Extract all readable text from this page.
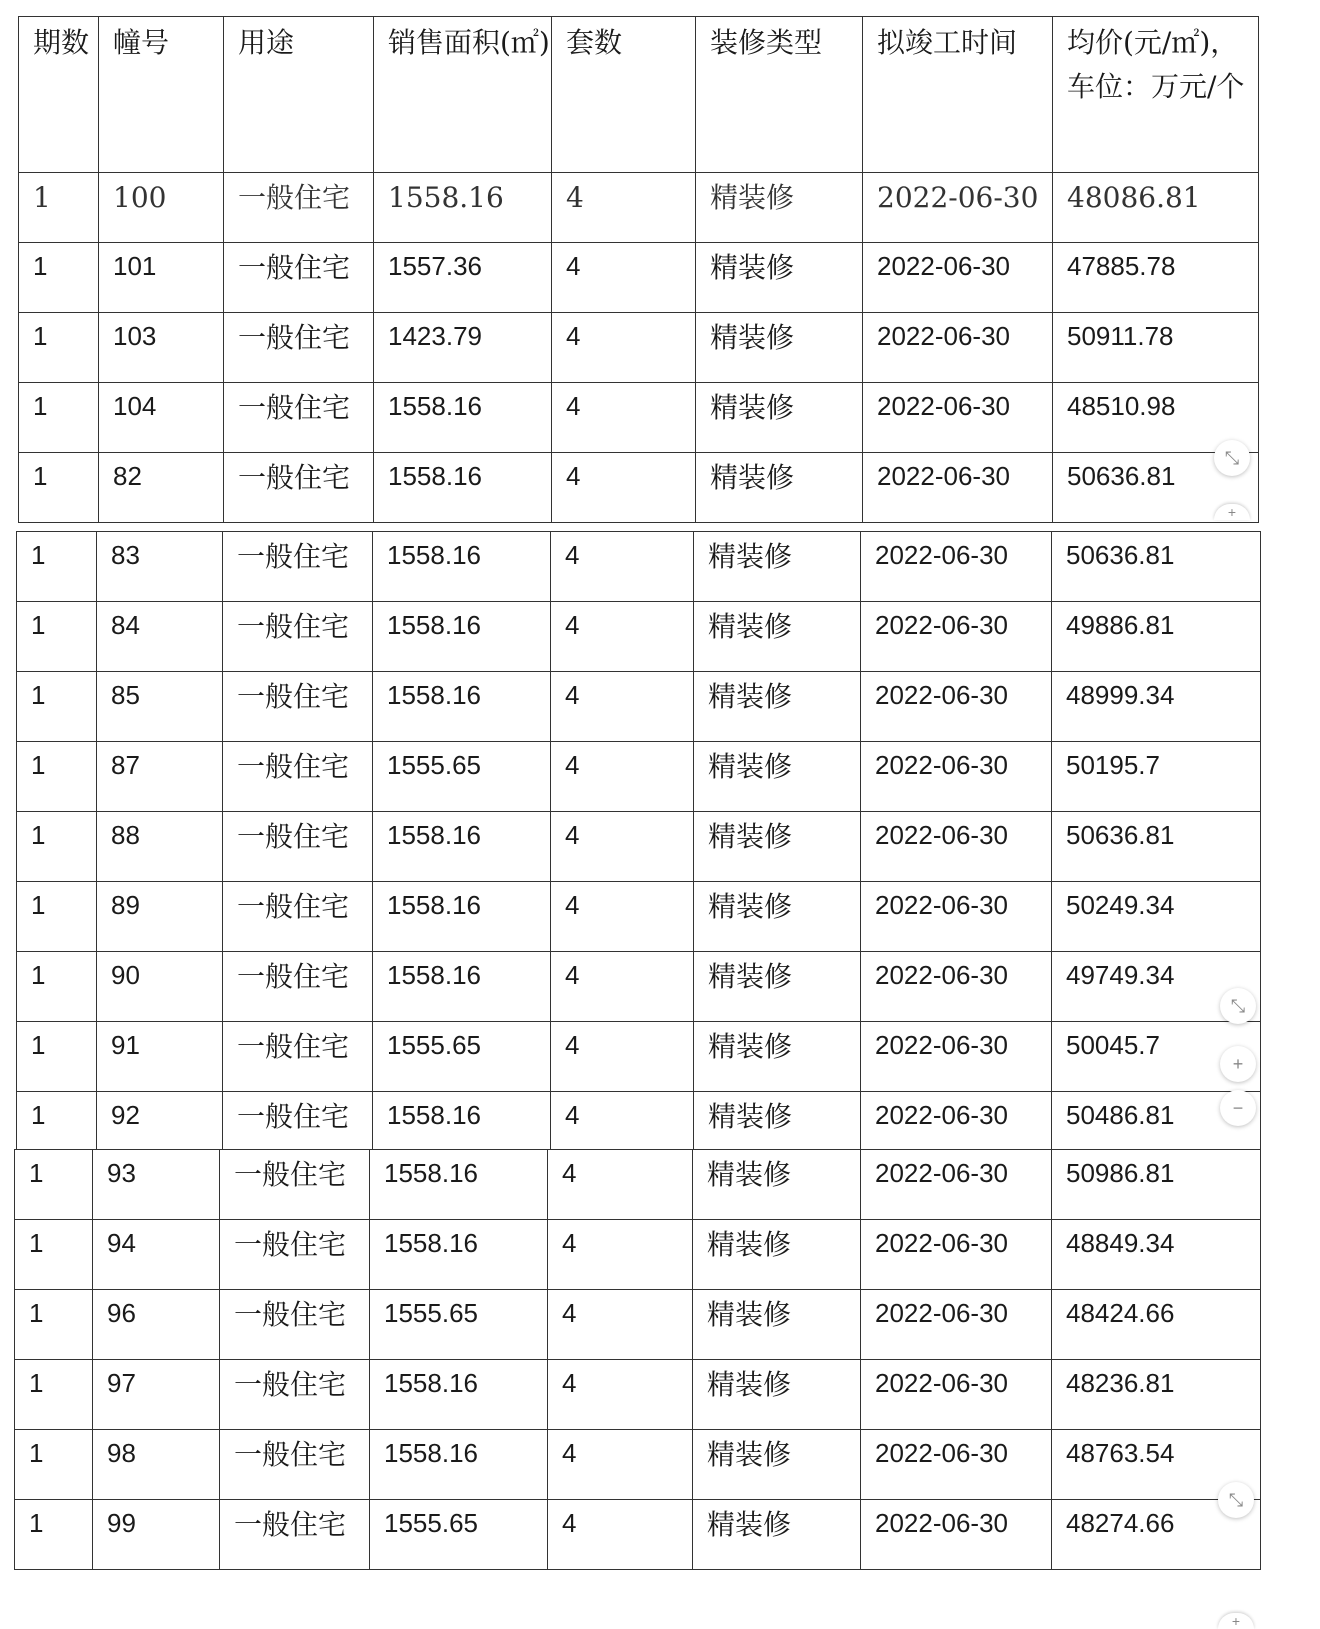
期数	幢号	用途	销售面积(㎡)	套数	装修类型	拟竣工时间	均价(元/㎡)，车位：万元/个
1	100	一般住宅	1558.16	4	精装修	2022-06-30	48086.81
1	101	一般住宅	1557.36	4	精装修	2022-06-30	47885.78
1	103	一般住宅	1423.79	4	精装修	2022-06-30	50911.78
1	104	一般住宅	1558.16	4	精装修	2022-06-30	48510.98
1	82	一般住宅	1558.16	4	精装修	2022-06-30	50636.81
1	83	一般住宅	1558.16	4	精装修	2022-06-30	50636.81
1	84	一般住宅	1558.16	4	精装修	2022-06-30	49886.81
1	85	一般住宅	1558.16	4	精装修	2022-06-30	48999.34
1	87	一般住宅	1555.65	4	精装修	2022-06-30	50195.7
1	88	一般住宅	1558.16	4	精装修	2022-06-30	50636.81
1	89	一般住宅	1558.16	4	精装修	2022-06-30	50249.34
1	90	一般住宅	1558.16	4	精装修	2022-06-30	49749.34
1	91	一般住宅	1555.65	4	精装修	2022-06-30	50045.7
1	92	一般住宅	1558.16	4	精装修	2022-06-30	50486.81
1	93	一般住宅	1558.16	4	精装修	2022-06-30	50986.81
1	94	一般住宅	1558.16	4	精装修	2022-06-30	48849.34
1	96	一般住宅	1555.65	4	精装修	2022-06-30	48424.66
1	97	一般住宅	1558.16	4	精装修	2022-06-30	48236.81
1	98	一般住宅	1558.16	4	精装修	2022-06-30	48763.54
1	99	一般住宅	1555.65	4	精装修	2022-06-30	48274.66
⤡
+
⤡
+
−
⤡
+
